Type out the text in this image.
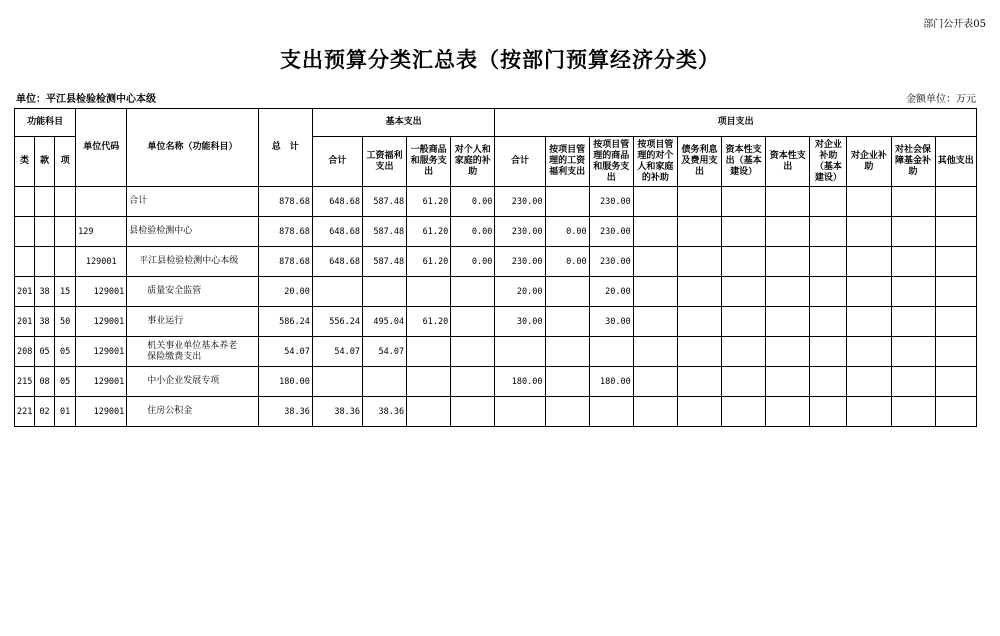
部门公开表05
支出预算分类汇总表（按部门预算经济分类）
单位：平江县检验检测中心本级	金额单位：万元
功能科目			单位代码	单位名称（功能科目）	总　计	基本支出				项目支出										
类	款	项				合计	工资福利支出	一般商品和服务支出	对个人和家庭的补助	合计	按项目管理的工资福利支出	按项目管理的商品和服务支出	按项目管理的对个人和家庭的补助	债务利息及费用支出	资本性支出（基本建设）	资本性支出	对企业补助（基本建设）	对企业补助	对社会保障基金补助	其他支出
				合计	878.68	648.68	587.48	61.20	0.00	230.00		230.00								
			129	县检验检测中心	878.68	648.68	587.48	61.20	0.00	230.00	0.00	230.00								
			129001	平江县检验检测中心本级	878.68	648.68	587.48	61.20	0.00	230.00	0.00	230.00								
201	38	15	129001	质量安全监管	20.00					20.00		20.00								
201	38	50	129001	事业运行	586.24	556.24	495.04	61.20		30.00		30.00								
208	05	05	129001	机关事业单位基本养老保险缴费支出	54.07	54.07	54.07													
215	08	05	129001	中小企业发展专项	180.00					180.00		180.00								
221	02	01	129001	住房公积金	38.36	38.36	38.36													
